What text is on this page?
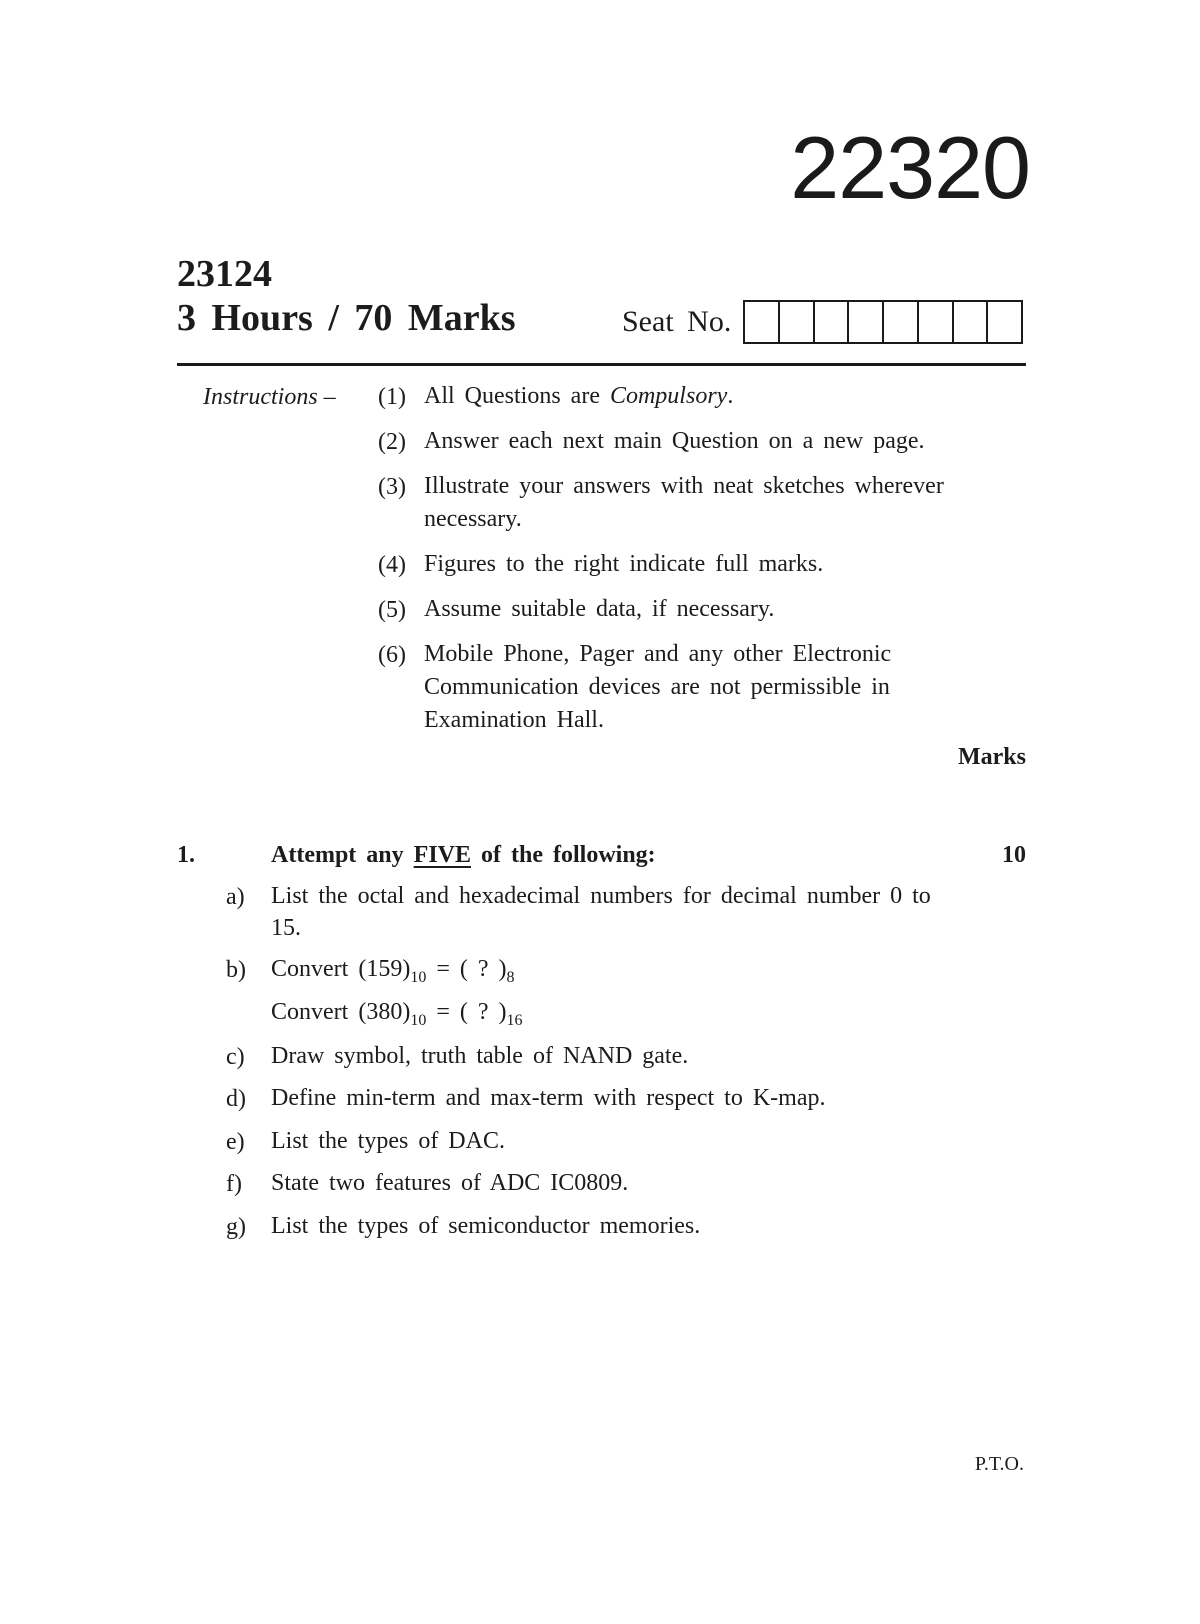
22320
23124
3 Hours / 70 Marks	Seat No.
Instructions – (1) All Questions are Compulsory.
(2) Answer each next main Question on a new page.
(3) Illustrate your answers with neat sketches wherever necessary.
(4) Figures to the right indicate full marks.
(5) Assume suitable data, if necessary.
(6) Mobile Phone, Pager and any other Electronic Communication devices are not permissible in Examination Hall.
Marks
1.	Attempt any FIVE of the following:	10
a) List the octal and hexadecimal numbers for decimal number 0 to 15.
b) Convert $(159)_{10}$ = ( ? )$_8$
Convert $(380)_{10}$ = ( ? )$_{16}$
c) Draw symbol, truth table of NAND gate.
d) Define min-term and max-term with respect to K-map.
e) List the types of DAC.
f) State two features of ADC IC0809.
g) List the types of semiconductor memories.
P.T.O.
